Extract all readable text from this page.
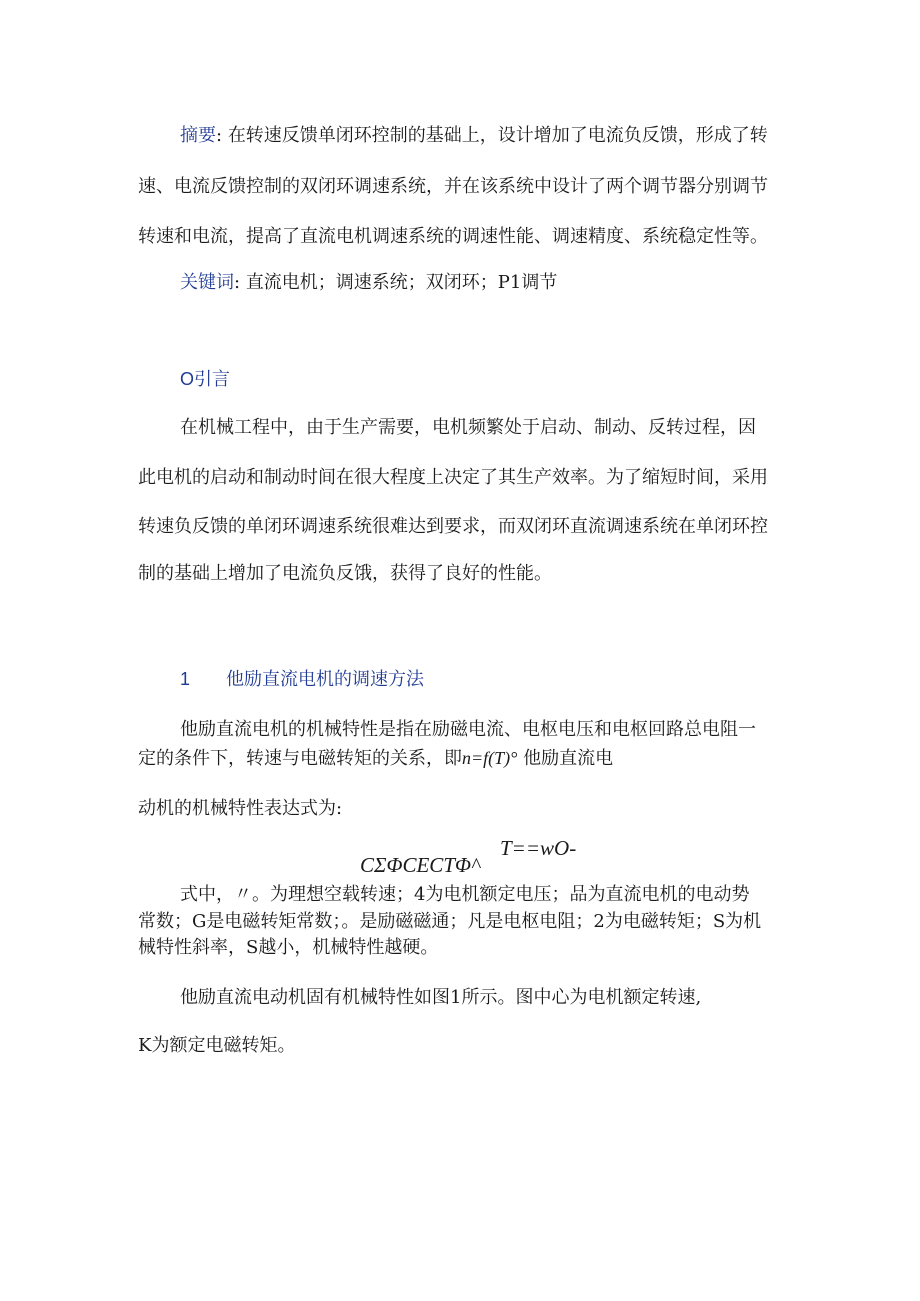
摘要: 在转速反馈单闭环控制的基础上，设计增加了电流负反馈，形成了转
速、电流反馈控制的双闭环调速系统，并在该系统中设计了两个调节器分别调节
转速和电流，提高了直流电机调速系统的调速性能、调速精度、系统稳定性等。
关键词: 直流电机；调速系统；双闭环；P1调节
O引言
在机械工程中，由于生产需要，电机频繁处于启动、制动、反转过程，因
此电机的启动和制动时间在很大程度上决定了其生产效率。为了缩短时间，采用
转速负反馈的单闭环调速系统很难达到要求，而双闭环直流调速系统在单闭环控
制的基础上增加了电流负反饿，获得了良好的性能。
1 他励直流电机的调速方法
他励直流电机的机械特性是指在励磁电流、电枢电压和电枢回路总电阻一
定的条件下，转速与电磁转矩的关系，即n=f(T)° 他励直流电
动机的机械特性表达式为:
T==wO-
CΣΦCECTΦ^
式中，〃。为理想空载转速；4为电机额定电压；品为直流电机的电动势
常数；G是电磁转矩常数；。是励磁磁通；凡是电枢电阻；2为电磁转矩；S为机
械特性斜率，S越小，机械特性越硬。
他励直流电动机固有机械特性如图1所示。图中心为电机额定转速,
K为额定电磁转矩。
